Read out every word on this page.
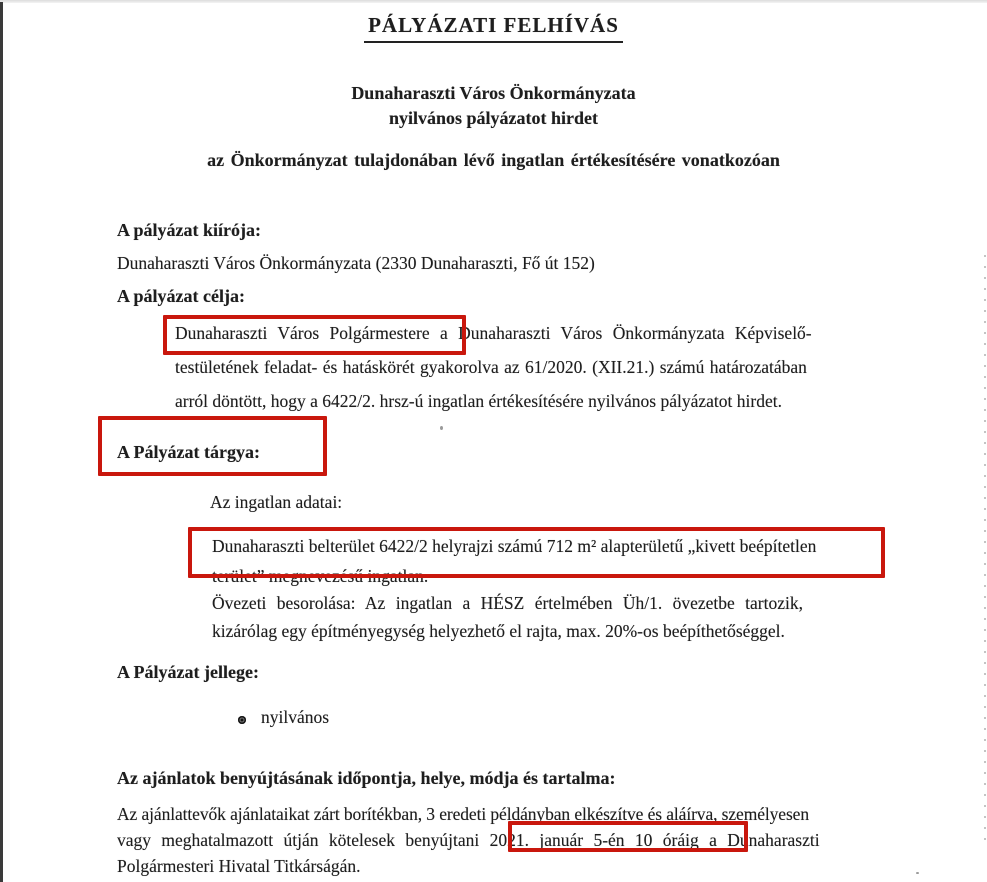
PÁLYÁZATI FELHÍVÁS
Dunaharaszti Város Önkormányzata
nyilvános pályázatot hirdet
az Önkormányzat tulajdonában lévő ingatlan értékesítésére vonatkozóan
A pályázat kiírója:
Dunaharaszti Város Önkormányzata (2330 Dunaharaszti, Fő út 152)
A pályázat célja:
Dunaharaszti Város Polgármestere a Dunaharaszti Város Önkormányzata Képviselő-
testületének feladat- és hatáskörét gyakorolva az 61/2020. (XII.21.) számú határozatában
arról döntött, hogy a 6422/2. hrsz-ú ingatlan értékesítésére nyilvános pályázatot hirdet.
A Pályázat tárgya:
Az ingatlan adatai:
Dunaharaszti belterület 6422/2 helyrajzi számú 712 m² alapterületű „kivett beépítetlen
terület” megnevezésű ingatlan.
Övezeti besorolása: Az ingatlan a HÉSZ értelmében Üh/1. övezetbe tartozik,
kizárólag egy építményegység helyezhető el rajta, max. 20%-os beépíthetőséggel.
A Pályázat jellege:
nyilvános
Az ajánlatok benyújtásának időpontja, helye, módja és tartalma:
Az ajánlattevők ajánlataikat zárt borítékban, 3 eredeti példányban elkészítve és aláírva, személyesen
vagy meghatalmazott útján kötelesek benyújtani 2021. január 5-én 10 óráig a Dunaharaszti
Polgármesteri Hivatal Titkárságán.
